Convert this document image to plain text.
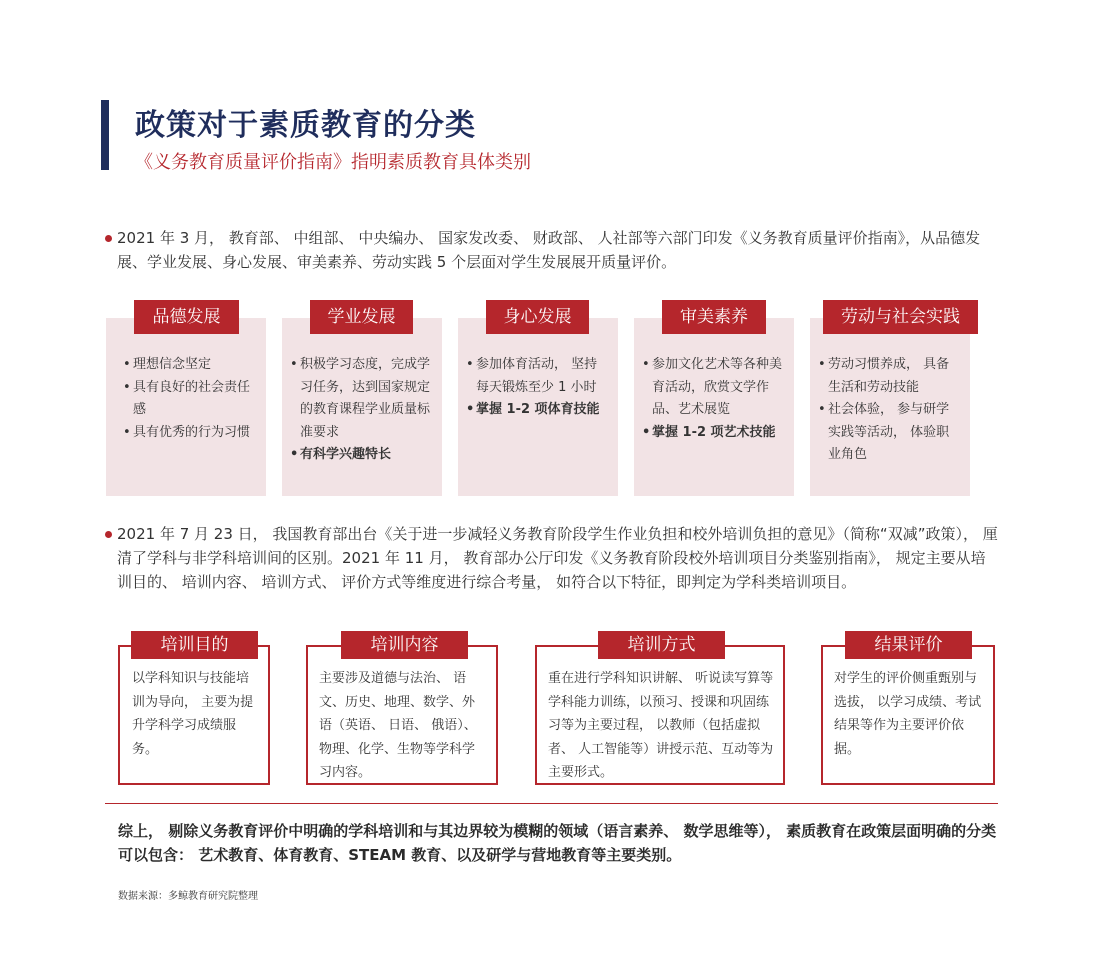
政策对于素质教育的分类
《义务教育质量评价指南》指明素质教育具体类别
2021 年 3 月， 教育部、 中组部、 中央编办、 国家发改委、 财政部、 人社部等六部门印发《义务教育质量评价指南》，从品德发展、学业发展、身心发展、审美素养、劳动实践 5 个层面对学生发展展开质量评价。
品德发展	学业发展	身心发展	审美素养	劳动与社会实践
• 理想信念坚定
• 具有良好的社会责任感
• 具有优秀的行为习惯
• 积极学习态度，完成学习任务，达到国家规定的教育课程学业质量标准要求
• 有科学兴趣特长
• 参加体育活动， 坚持每天锻炼至少 1 小时
• 掌握 1-2 项体育技能
• 参加文化艺术等各种美育活动，欣赏文学作品、艺术展览
• 掌握 1-2 项艺术技能
• 劳动习惯养成， 具备生活和劳动技能
• 社会体验， 参与研学实践等活动， 体验职业角色
2021 年 7 月 23 日， 我国教育部出台《关于进一步减轻义务教育阶段学生作业负担和校外培训负担的意见》（简称“双减”政策）， 厘清了学科与非学科培训间的区别。2021 年 11 月， 教育部办公厅印发《义务教育阶段校外培训项目分类鉴别指南》， 规定主要从培训目的、 培训内容、 培训方式、 评价方式等维度进行综合考量， 如符合以下特征，即判定为学科类培训项目。
培训目的	培训内容	培训方式	结果评价
以学科知识与技能培训为导向， 主要为提升学科学习成绩服务。
主要涉及道德与法治、 语文、历史、地理、数学、外语（英语、 日语、 俄语）、物理、化学、生物等学科学习内容。
重在进行学科知识讲解、 听说读写算等学科能力训练，以预习、授课和巩固练习等为主要过程， 以教师（包括虚拟者、 人工智能等）讲授示范、互动等为主要形式。
对学生的评价侧重甄别与选拔， 以学习成绩、考试结果等作为主要评价依据。
综上， 剔除义务教育评价中明确的学科培训和与其边界较为模糊的领域（语言素养、 数学思维等）， 素质教育在政策层面明确的分类可以包含： 艺术教育、体育教育、STEAM 教育、以及研学与营地教育等主要类别。
数据来源：多鲸教育研究院整理
